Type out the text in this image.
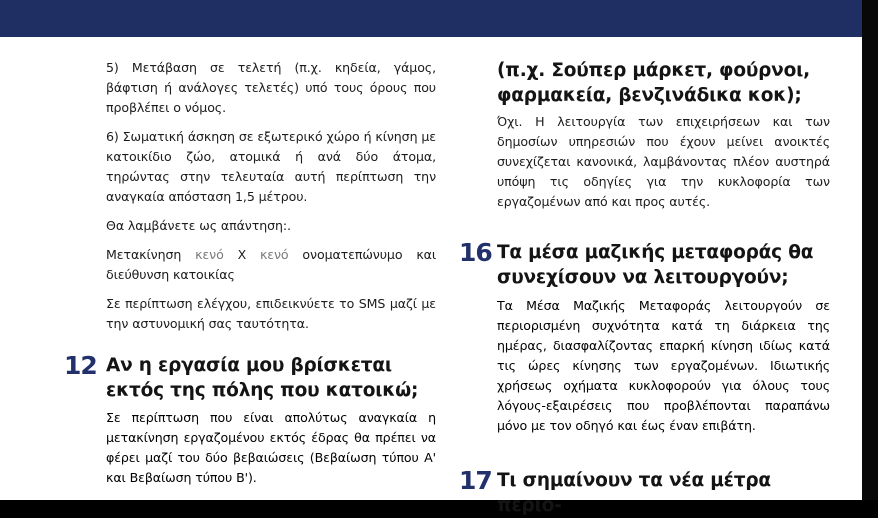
5) Μετάβαση σε τελετή (π.χ. κηδεία, γάμος, βάφτιση ή ανάλογες τελετές) υπό τους όρους που προβλέπει ο νόμος.

6) Σωματική άσκηση σε εξωτερικό χώρο ή κίνηση με κατοικίδιο ζώο, ατομικά ή ανά δύο άτομα, τηρώντας στην τελευταία αυτή περίπτωση την αναγκαία απόσταση 1,5 μέτρου.

Θα λαμβάνετε ως απάντηση:.

Μετακίνηση κενό X κενό ονοματεπώνυμο και διεύθυνση κατοικίας

Σε περίπτωση ελέγχου, επιδεικνύετε το SMS μαζί με την αστυνομική σας ταυτότητα.

12 Αν η εργασία μου βρίσκεται εκτός της πόλης που κατοικώ;

Σε περίπτωση που είναι απολύτως αναγκαία η μετακίνηση εργαζομένου εκτός έδρας θα πρέπει να φέρει μαζί του δύο βεβαιώσεις (Βεβαίωση τύπου Α' και Βεβαίωση τύπου Β').

(π.χ. Σούπερ μάρκετ, φούρνοι, φαρμακεία, βενζινάδικα κοκ);

Όχι. Η λειτουργία των επιχειρήσεων και των δημοσίων υπηρεσιών που έχουν μείνει ανοικτές συνεχίζεται κανονικά, λαμβάνοντας πλέον αυστηρά υπόψη τις οδηγίες για την κυκλοφορία των εργαζομένων από και προς αυτές.

16 Τα μέσα μαζικής μεταφοράς θα συνεχίσουν να λειτουργούν;

Τα Μέσα Μαζικής Μεταφοράς λειτουργούν σε περιορισμένη συχνότητα κατά τη διάρκεια της ημέρας, διασφαλίζοντας επαρκή κίνηση ιδίως κατά τις ώρες κίνησης των εργαζομένων. Ιδιωτικής χρήσεως οχήματα κυκλοφορούν για όλους τους λόγους-εξαιρέσεις που προβλέπονται παραπάνω μόνο με τον οδηγό και έως έναν επιβάτη.

17 Τι σημαίνουν τα νέα μέτρα περιο-
